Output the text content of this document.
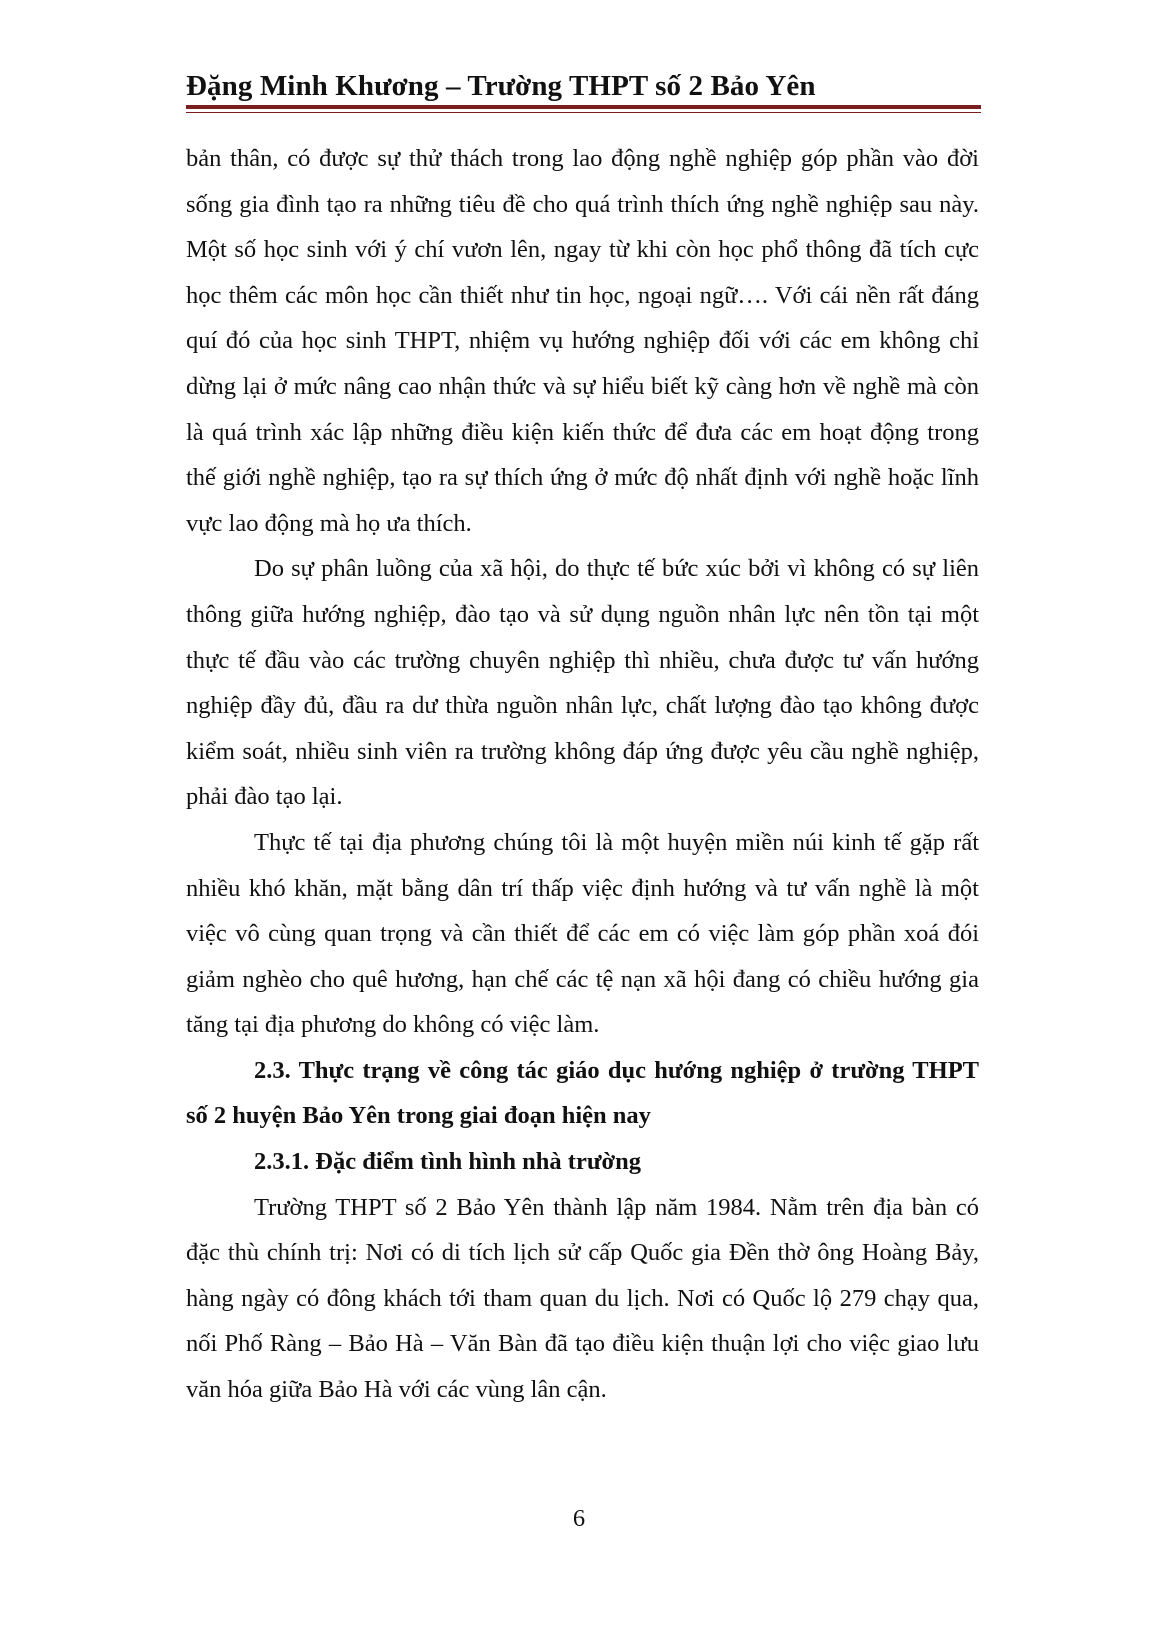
Đặng Minh Khương – Trường THPT số 2 Bảo Yên

bản thân, có được sự thử thách trong lao động nghề nghiệp góp phần vào đời sống gia đình tạo ra những tiêu đề cho quá trình thích ứng nghề nghiệp sau này. Một số học sinh với ý chí vươn lên, ngay từ khi còn học phổ thông đã tích cực học thêm các môn học cần thiết như tin học, ngoại ngữ…. Với cái nền rất đáng quí đó của học sinh THPT, nhiệm vụ hướng nghiệp đối với các em không chỉ dừng lại ở mức nâng cao nhận thức và sự hiểu biết kỹ càng hơn về nghề mà còn là quá trình xác lập những điều kiện kiến thức để đưa các em hoạt động trong thế giới nghề nghiệp, tạo ra sự thích ứng ở mức độ nhất định với nghề hoặc lĩnh vực lao động mà họ ưa thích.

Do sự phân luồng của xã hội, do thực tế bức xúc bởi vì không có sự liên thông giữa hướng nghiệp, đào tạo và sử dụng nguồn nhân lực nên tồn tại một thực tế đầu vào các trường chuyên nghiệp thì nhiều, chưa được tư vấn hướng nghiệp đầy đủ, đầu ra dư thừa nguồn nhân lực, chất lượng đào tạo không được kiểm soát, nhiều sinh viên ra trường không đáp ứng được yêu cầu nghề nghiệp, phải đào tạo lại.

Thực tế tại địa phương chúng tôi là một huyện miền núi kinh tế gặp rất nhiều khó khăn, mặt bằng dân trí thấp việc định hướng và tư vấn nghề là một việc vô cùng quan trọng và cần thiết để các em có việc làm góp phần xoá đói giảm nghèo cho quê hương, hạn chế các tệ nạn xã hội đang có chiều hướng gia tăng tại địa phương do không có việc làm.

2.3. Thực trạng về công tác giáo dục hướng nghiệp ở trường THPT số 2 huyện Bảo Yên trong giai đoạn hiện nay

2.3.1. Đặc điểm tình hình nhà trường

Trường THPT số 2 Bảo Yên thành lập năm 1984. Nằm trên địa bàn có đặc thù chính trị: Nơi có di tích lịch sử cấp Quốc gia Đền thờ ông Hoàng Bảy, hàng ngày có đông khách tới tham quan du lịch. Nơi có Quốc lộ 279 chạy qua, nối Phố Ràng – Bảo Hà – Văn Bàn đã tạo điều kiện thuận lợi cho việc giao lưu văn hóa giữa Bảo Hà với các vùng lân cận.

6
